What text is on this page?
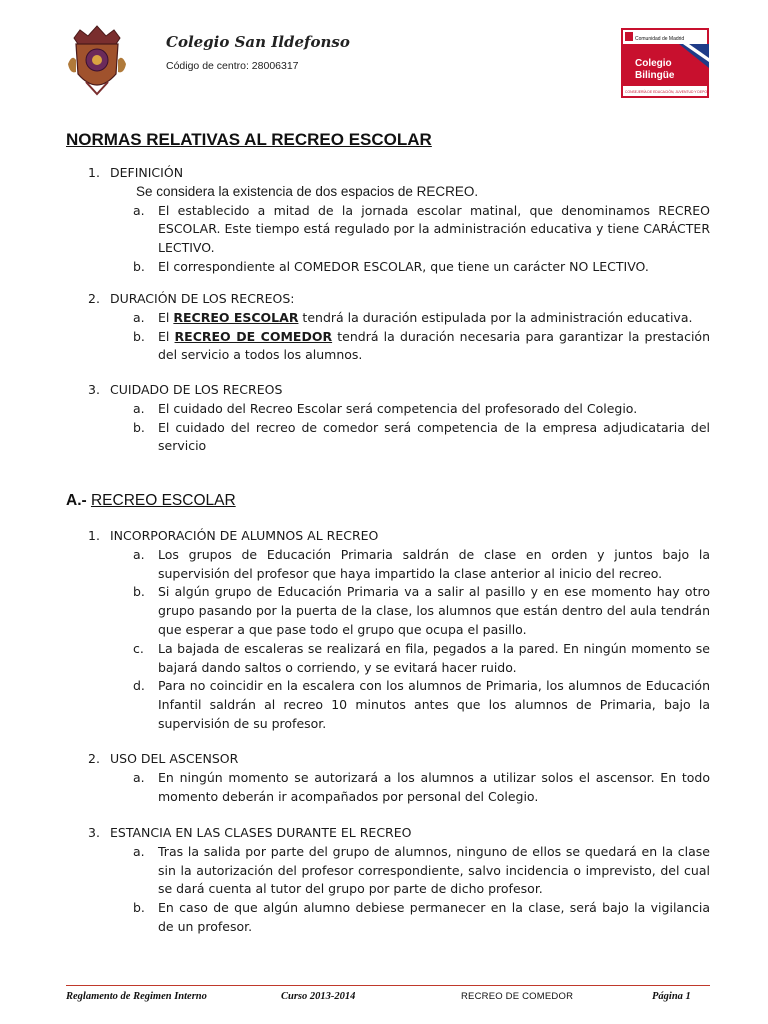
Colegio San Ildefonso
Código de centro: 28006317
Comunidad de Madrid
Colegio
Bilingüe
CONSEJERÍA DE EDUCACIÓN, JUVENTUD Y DEPORTE
NORMAS RELATIVAS AL RECREO ESCOLAR
1. DEFINICIÓN
Se considera la existencia de dos espacios de RECREO.
a. El establecido a mitad de la jornada escolar matinal, que denominamos RECREO ESCOLAR. Este tiempo está regulado por la administración educativa y tiene CARÁCTER LECTIVO.
b. El correspondiente al COMEDOR ESCOLAR, que tiene un carácter NO LECTIVO.
2. DURACIÓN DE LOS RECREOS:
a. El RECREO ESCOLAR tendrá la duración estipulada por la administración educativa.
b. El RECREO DE COMEDOR tendrá la duración necesaria para garantizar la prestación del servicio a todos los alumnos.
3. CUIDADO DE LOS RECREOS
a. El cuidado del Recreo Escolar será competencia del profesorado del Colegio.
b. El cuidado del recreo de comedor será competencia de la empresa adjudicataria del servicio
A.- RECREO ESCOLAR
1. INCORPORACIÓN DE ALUMNOS AL RECREO
a. Los grupos de Educación Primaria saldrán de clase en orden y juntos bajo la supervisión del profesor que haya impartido la clase anterior al inicio del recreo.
b. Si algún grupo de Educación Primaria va a salir al pasillo y en ese momento hay otro grupo pasando por la puerta de la clase, los alumnos que están dentro del aula tendrán que esperar a que pase todo el grupo que ocupa el pasillo.
c. La bajada de escaleras se realizará en fila, pegados a la pared. En ningún momento se bajará dando saltos o corriendo, y se evitará hacer ruido.
d. Para no coincidir en la escalera con los alumnos de Primaria, los alumnos de Educación Infantil saldrán al recreo 10 minutos antes que los alumnos de Primaria, bajo la supervisión de su profesor.
2. USO DEL ASCENSOR
a. En ningún momento se autorizará a los alumnos a utilizar solos el ascensor. En todo momento deberán ir acompañados por personal del Colegio.
3. ESTANCIA EN LAS CLASES DURANTE EL RECREO
a. Tras la salida por parte del grupo de alumnos, ninguno de ellos se quedará en la clase sin la autorización del profesor correspondiente, salvo incidencia o imprevisto, del cual se dará cuenta al tutor del grupo por parte de dicho profesor.
b. En caso de que algún alumno debiese permanecer en la clase, será bajo la vigilancia de un profesor.
Reglamento de Regimen Interno	Curso 2013-2014	RECREO DE COMEDOR	Página 1
